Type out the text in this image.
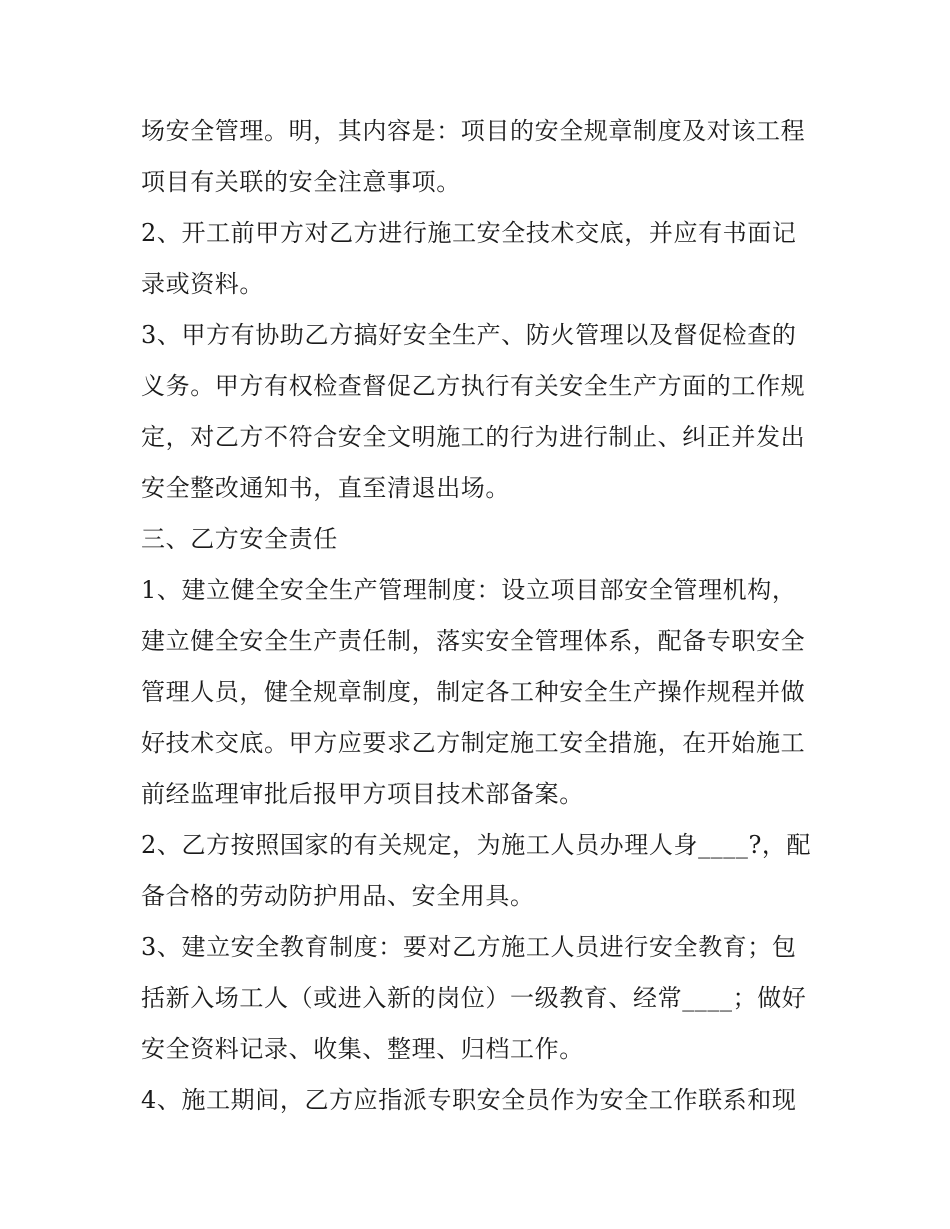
场安全管理。明，其内容是：项目的安全规章制度及对该工程
项目有关联的安全注意事项。
2、开工前甲方对乙方进行施工安全技术交底，并应有书面记
录或资料。
3、甲方有协助乙方搞好安全生产、防火管理以及督促检查的
义务。甲方有权检查督促乙方执行有关安全生产方面的工作规
定，对乙方不符合安全文明施工的行为进行制止、纠正并发出
安全整改通知书，直至清退出场。
三、乙方安全责任
1、建立健全安全生产管理制度：设立项目部安全管理机构，
建立健全安全生产责任制，落实安全管理体系，配备专职安全
管理人员，健全规章制度，制定各工种安全生产操作规程并做
好技术交底。甲方应要求乙方制定施工安全措施，在开始施工
前经监理审批后报甲方项目技术部备案。
2、乙方按照国家的有关规定，为施工人员办理人身____?，配
备合格的劳动防护用品、安全用具。
3、建立安全教育制度：要对乙方施工人员进行安全教育；包
括新入场工人（或进入新的岗位）一级教育、经常____；做好
安全资料记录、收集、整理、归档工作。
4、施工期间，乙方应指派专职安全员作为安全工作联系和现
